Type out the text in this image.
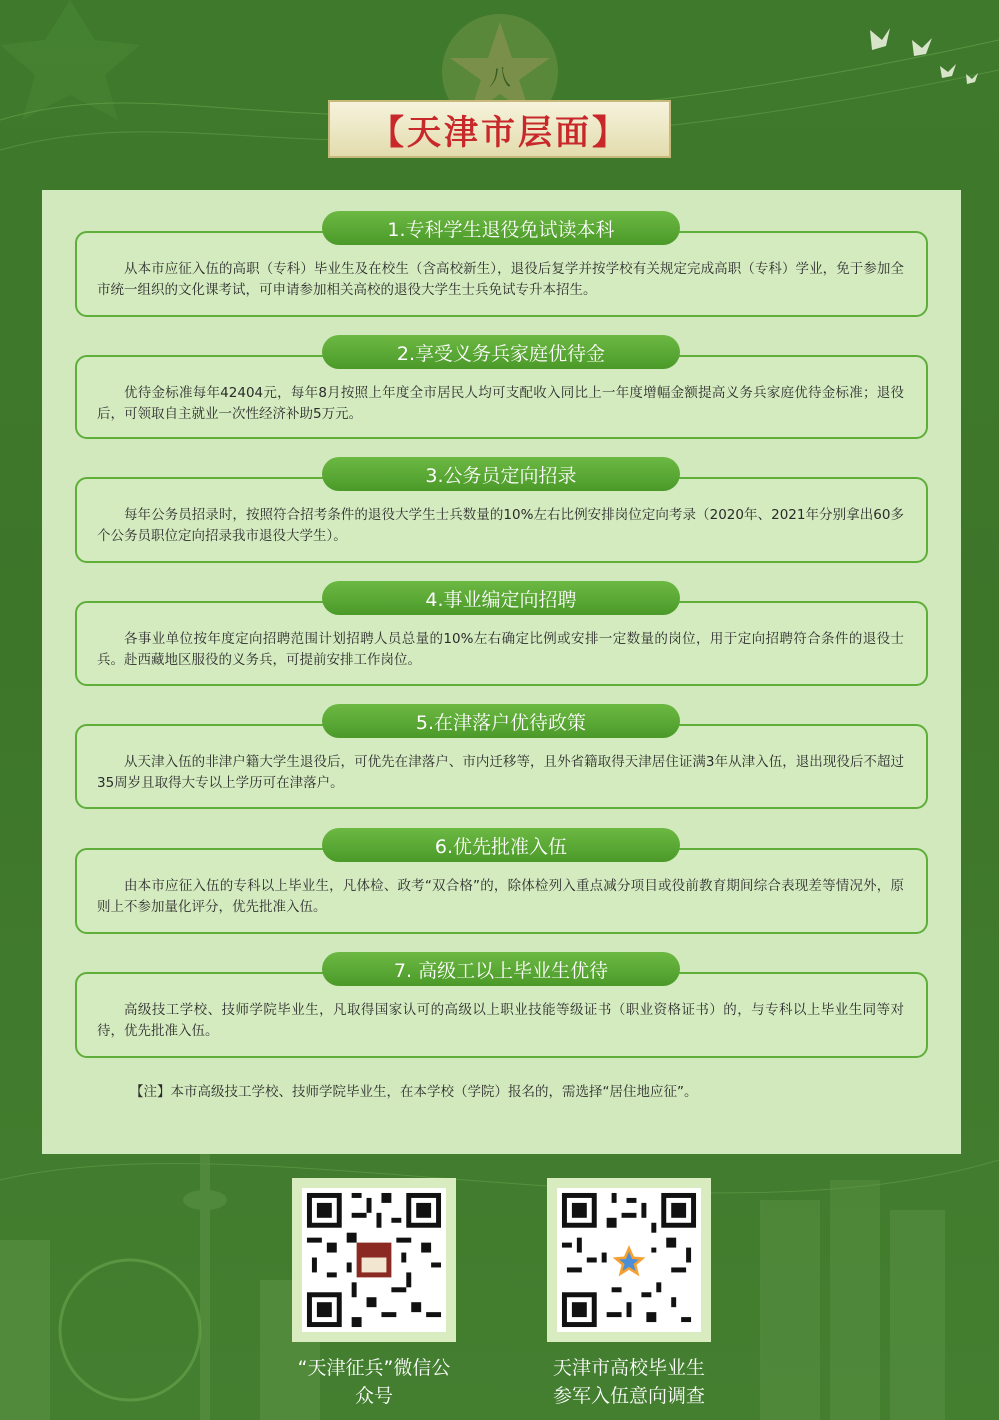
八
【天津市层面】
从本市应征入伍的高职（专科）毕业生及在校生（含高校新生），退役后复学并按学校有关规定完成高职（专科）学业，免于参加全市统一组织的文化课考试，可申请参加相关高校的退役大学生士兵免试专升本招生。
1.专科学生退役免试读本科
优待金标准每年42404元，每年8月按照上年度全市居民人均可支配收入同比上一年度增幅金额提高义务兵家庭优待金标准；退役后，可领取自主就业一次性经济补助5万元。
2.享受义务兵家庭优待金
每年公务员招录时，按照符合招考条件的退役大学生士兵数量的10%左右比例安排岗位定向考录（2020年、2021年分别拿出60多个公务员职位定向招录我市退役大学生）。
3.公务员定向招录
各事业单位按年度定向招聘范围计划招聘人员总量的10%左右确定比例或安排一定数量的岗位，用于定向招聘符合条件的退役士兵。赴西藏地区服役的义务兵，可提前安排工作岗位。
4.事业编定向招聘
从天津入伍的非津户籍大学生退役后，可优先在津落户、市内迁移等，且外省籍取得天津居住证满3年从津入伍，退出现役后不超过35周岁且取得大专以上学历可在津落户。
5.在津落户优待政策
由本市应征入伍的专科以上毕业生，凡体检、政考“双合格”的，除体检列入重点减分项目或役前教育期间综合表现差等情况外，原则上不参加量化评分，优先批准入伍。
6.优先批准入伍
高级技工学校、技师学院毕业生，凡取得国家认可的高级以上职业技能等级证书（职业资格证书）的，与专科以上毕业生同等对待，优先批准入伍。
7. 高级工以上毕业生优待
【注】本市高级技工学校、技师学院毕业生，在本学校（学院）报名的，需选择“居住地应征”。
“天津征兵”微信公众号
天津市高校毕业生
参军入伍意向调查
